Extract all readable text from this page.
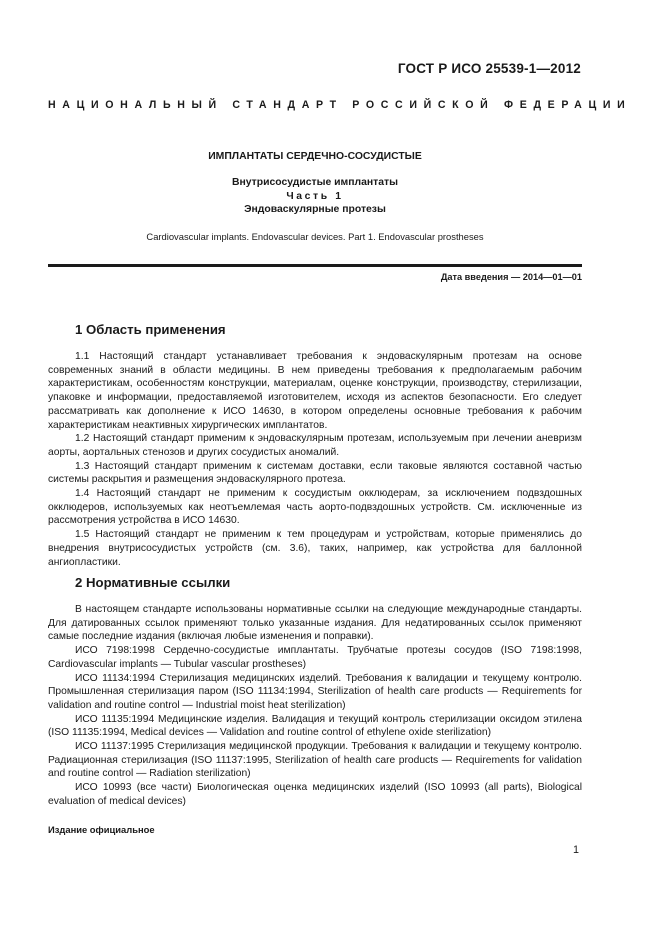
ГОСТ Р ИСО 25539-1—2012
НАЦИОНАЛЬНЫЙ СТАНДАРТ РОССИЙСКОЙ ФЕДЕРАЦИИ
ИМПЛАНТАТЫ СЕРДЕЧНО-СОСУДИСТЫЕ
Внутрисосудистые имплантаты
Часть 1
Эндоваскулярные протезы
Cardiovascular implants. Endovascular devices. Part 1. Endovascular prostheses
Дата введения — 2014—01—01
1 Область применения

1.1 Настоящий стандарт устанавливает требования к эндоваскулярным протезам на основе современных знаний в области медицины. В нем приведены требования к предполагаемым рабочим характеристикам, особенностям конструкции, материалам, оценке конструкции, производству, стерилизации, упаковке и информации, предоставляемой изготовителем, исходя из аспектов безопасности. Его следует рассматривать как дополнение к ИСО 14630, в котором определены основные требования к рабочим характеристикам неактивных хирургических имплантатов.

1.2 Настоящий стандарт применим к эндоваскулярным протезам, используемым при лечении аневризм аорты, аортальных стенозов и других сосудистых аномалий.

1.3 Настоящий стандарт применим к системам доставки, если таковые являются составной частью системы раскрытия и размещения эндоваскулярного протеза.

1.4 Настоящий стандарт не применим к сосудистым окклюдерам, за исключением подвздошных окклюдеров, используемых как неотъемлемая часть аорто-подвздошных устройств. См. исключенные из рассмотрения устройства в ИСО 14630.

1.5 Настоящий стандарт не применим к тем процедурам и устройствам, которые применялись до внедрения внутрисосудистых устройств (см. 3.6), таких, например, как устройства для баллонной ангиопластики.

2 Нормативные ссылки

В настоящем стандарте использованы нормативные ссылки на следующие международные стандарты. Для датированных ссылок применяют только указанные издания. Для недатированных ссылок применяют самые последние издания (включая любые изменения и поправки).

ИСО 7198:1998 Сердечно-сосудистые имплантаты. Трубчатые протезы сосудов (ISO 7198:1998, Cardiovascular implants — Tubular vascular prostheses)

ИСО 11134:1994 Стерилизация медицинских изделий. Требования к валидации и текущему контролю. Промышленная стерилизация паром (ISO 11134:1994, Sterilization of health care products — Requirements for validation and routine control — Industrial moist heat sterilization)

ИСО 11135:1994 Медицинские изделия. Валидация и текущий контроль стерилизации оксидом этилена (ISO 11135:1994, Medical devices — Validation and routine control of ethylene oxide sterilization)

ИСО 11137:1995 Стерилизация медицинской продукции. Требования к валидации и текущему контролю. Радиационная стерилизация (ISO 11137:1995, Sterilization of health care products — Requirements for validation and routine control — Radiation sterilization)

ИСО 10993 (все части) Биологическая оценка медицинских изделий (ISO 10993 (all parts), Biological evaluation of medical devices)

Издание официальное
1
